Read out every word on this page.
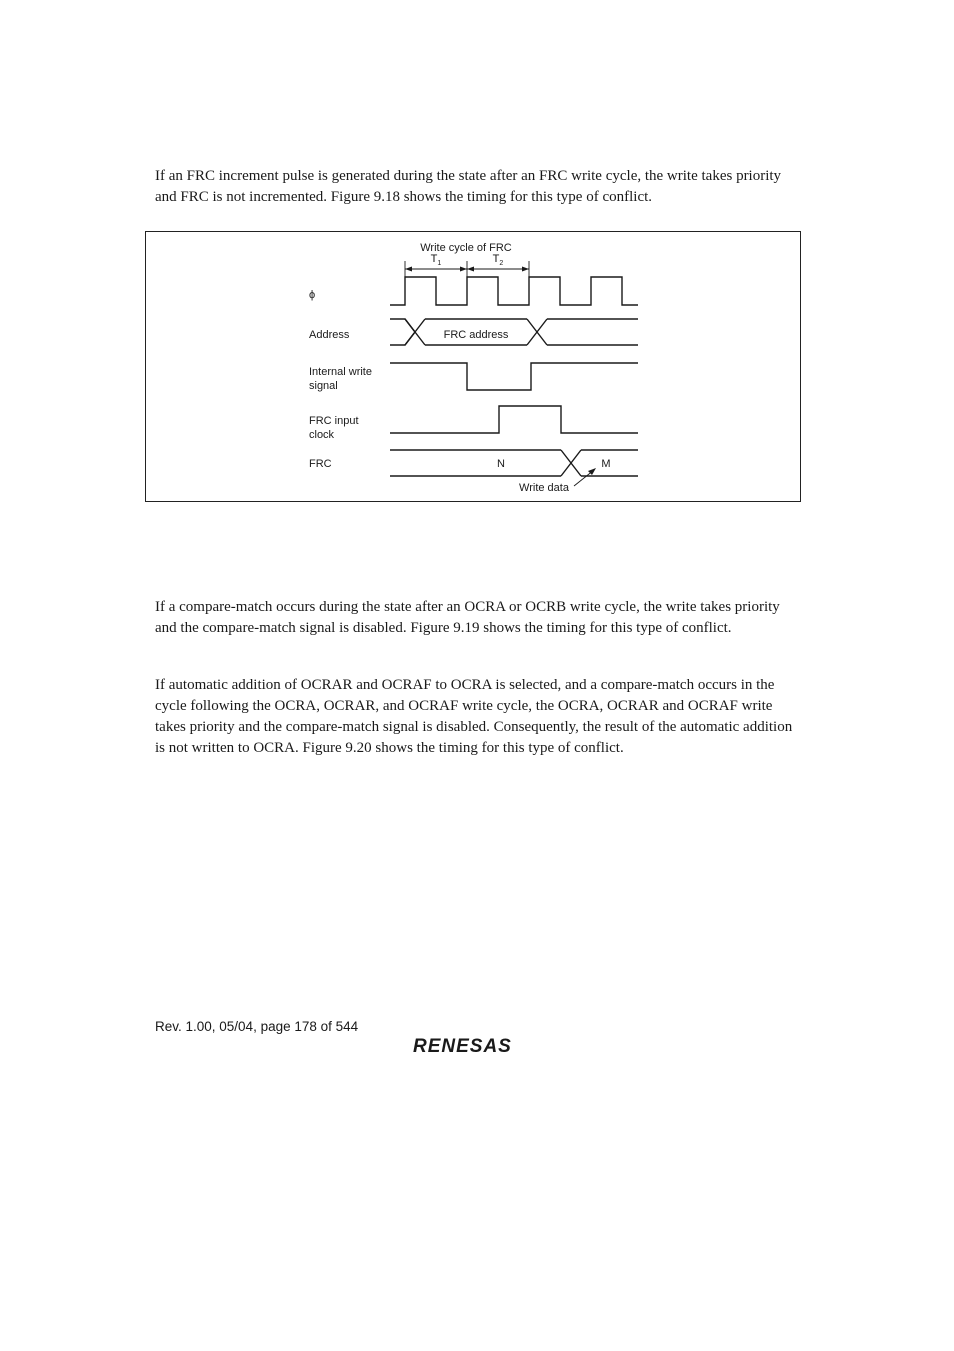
If an FRC increment pulse is generated during the state after an FRC write cycle, the write takes priority and FRC is not incremented. Figure 9.18 shows the timing for this type of conflict.

Write cycle of FRC
$T_1$	$T_2$
ϕ
Address
Internal write
signal
FRC input
clock
FRC
FRC address
N	M
Write data

If a compare-match occurs during the state after an OCRA or OCRB write cycle, the write takes priority and the compare-match signal is disabled. Figure 9.19 shows the timing for this type of conflict.

If automatic addition of OCRAR and OCRAF to OCRA is selected, and a compare-match occurs in the cycle following the OCRA, OCRAR, and OCRAF write cycle, the OCRA, OCRAR and OCRAF write takes priority and the compare-match signal is disabled. Consequently, the result of the automatic addition is not written to OCRA. Figure 9.20 shows the timing for this type of conflict.

Rev. 1.00, 05/04, page 178 of 544

RENESAS
